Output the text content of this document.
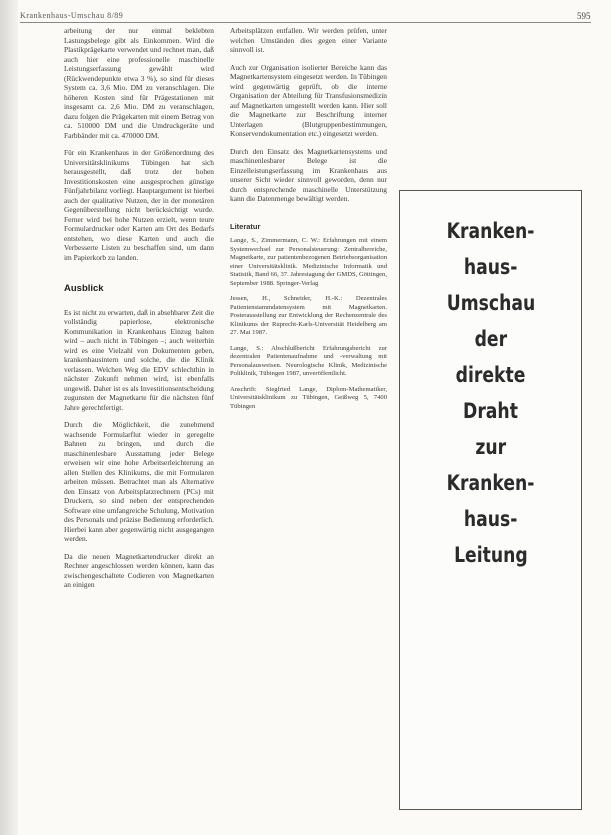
Krankenhaus-Umschau 8/89	595

arbeitung der nur einmal beklebten Lastungsbelege gibt als Einkommen. Wird die Plastikprägekarte verwendet und rechnet man, daß auch hier eine professionelle maschinelle Leistungserfassung gewählt wird (Rückwendepunkte etwa 3 %), so sind für dieses System ca. 3,6 Mio. DM zu veranschlagen. Die höheren Kosten sind für Prägestationen mit insgesamt ca. 2,6 Mio. DM zu veranschlagen, dazu folgen die Prägekarten mit einem Betrag von ca. 510000 DM und die Umdruckgeräte und Farbbänder mit ca. 470000 DM.

Für ein Krankenhaus in der Größenordnung des Universitätsklinikums Tübingen hat sich herausgestellt, daß trotz der hohen Investitionskosten eine ausgesprochen günstige Fünfjahrbilanz vorliegt. Hauptargument ist hierbei auch der qualitative Nutzen, der in der monetären Gegenüberstellung nicht berücksichtigt wurde. Ferner wird bei hohe Nutzen erzielt, wenn teure Formulardrucker oder Karten am Ort des Bedarfs entstehen, wo diese Karten und auch die Verbesserte Listen zu beschaffen sind, um dann im Papierkorb zu landen.

Ausblick

Es ist nicht zu erwarten, daß in absehbarer Zeit die vollständig papierlose, elektronische Kommunikation in Krankenhaus Einzug halten wird – auch nicht in Tübingen –; auch weiterhin wird es eine Vielzahl von Dokumenten geben, krankenhausintern und solche, die die Klinik verlassen. Welchen Weg die EDV schlechthin in nächster Zukunft nehmen wird, ist ebenfalls ungewiß. Daher ist es als Investitionsentscheidung zugunsten der Magnetkarte für die nächsten fünf Jahre gerechtfertigt.

Durch die Möglichkeit, die zunehmend wachsende Formularflut wieder in geregelte Bahnen zu bringen, und durch die maschinenlesbare Ausstattung jeder Belege erweisen wir eine hohe Arbeitserleichterung an allen Stellen des Klinikums, die mit Formularen arbeiten müssen. Betrachtet man als Alternative den Einsatz von Arbeitsplatzrechnern (PCs) mit Druckern, so sind neben der entsprechenden Software eine umfangreiche Schulung, Motivation des Personals und präzise Bedienung erforderlich. Hierbei kann aber gegenwärtig nicht ausgegangen werden.

Da die neuen Magnetkartendrucker direkt an Rechner angeschlossen werden können, kann das zwischengeschaltete Codieren von Magnetkarten an einigen

Arbeitsplätzen entfallen. Wir werden prüfen, unter welchen Umständen dies gegen einer Variante sinnvoll ist.

Auch zur Organisation isolierter Bereiche kann das Magnetkartensystem eingesetzt werden. In Tübingen wird gegenwärtig geprüft, ob die interne Organisation der Abteilung für Transfusionsmedizin auf Magnetkarten umgestellt werden kann. Hier soll die Magnetkarte zur Beschriftung interner Unterlagen (Blutgruppenbestimmungen, Konservendokumentation etc.) eingesetzt werden.

Durch den Einsatz des Magnetkartensystems und maschinenlesbarer Belege ist die Einzelleistungserfassung im Krankenhaus aus unserer Sicht wieder sinnvoll geworden, denn nur durch entsprechende maschinelle Unterstützung kann die Datenmenge bewältigt werden.

Literatur

Lange, S., Zimmermann, C. W.: Erfahrungen mit einem Systemwechsel zur Personalsteuerung: Zentralbereiche, Magnetkarte, zur patientenbezogenen Betriebsorganisation einer Universitätsklinik. Medizinische Informatik und Statistik, Band 66, 37. Jahrestagung der GMDS, Göttingen, September 1988. Springer-Verlag

Jessen, H., Schneider, H.-K.: Dezentrales Patientenstammdatensystem mit Magnetkarten. Posterausstellung zur Entwicklung der Rechenzentrale des Klinikums der Ruprecht-Karls-Universität Heidelberg am 27. Mai 1987.

Lange, S.: Abschlußbericht Erfahrungsbericht zur dezentralen Patientenaufnahme und -verwaltung mit Personalausweisen. Neurologische Klinik, Medizinische Poliklinik, Tübingen 1987, unveröffentlicht.

Anschrift: Siegfried Lange, Diplom-Mathematiker, Universitätsklinikum zu Tübingen, Geißweg 5, 7400 Tübingen

Kranken-
haus-
Umschau
der
direkte
Draht
zur
Kranken-
haus-
Leitung
